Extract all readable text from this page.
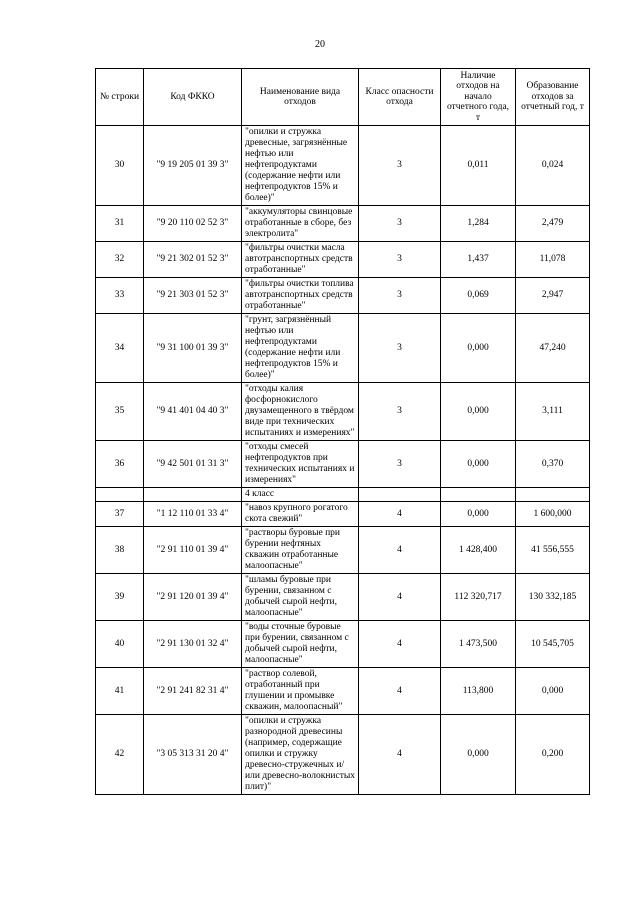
20
№ строки	Код ФККО	Наименование вида отходов	Класс опасности отхода	Наличие отходов на начало отчетного года, т	Образование отходов за отчетный год, т
30	"9 19 205 01 39 3"	"опилки и стружка древесные, загрязнённые нефтью или нефтепродуктами (содержание нефти или нефтепродуктов 15% и более)"	3	0,011	0,024
31	"9 20 110 02 52 3"	"аккумуляторы свинцовые отработанные в сборе, без электролита"	3	1,284	2,479
32	"9 21 302 01 52 3"	"фильтры очистки масла автотранспортных средств отработанные"	3	1,437	11,078
33	"9 21 303 01 52 3"	"фильтры очистки топлива автотранспортных средств отработанные"	3	0,069	2,947
34	"9 31 100 01 39 3"	"грунт, загрязнённый нефтью или нефтепродуктами (содержание нефти или нефтепродуктов 15% и более)"	3	0,000	47,240
35	"9 41 401 04 40 3"	"отходы калия фосфорнокислого двузамещенного в твёрдом виде при технических испытаниях и измерениях"	3	0,000	3,111
36	"9 42 501 01 31 3"	"отходы смесей нефтепродуктов при технических испытаниях и измерениях"	3	0,000	0,370
		4 класс			
37	"1 12 110 01 33 4"	"навоз крупного рогатого скота свежий"	4	0,000	1 600,000
38	"2 91 110 01 39 4"	"растворы буровые при бурении нефтяных скважин отработанные малоопасные"	4	1 428,400	41 556,555
39	"2 91 120 01 39 4"	"шламы буровые при бурении, связанном с добычей сырой нефти, малоопасные"	4	112 320,717	130 332,185
40	"2 91 130 01 32 4"	"воды сточные буровые при бурении, связанном с добычей сырой нефти, малоопасные"	4	1 473,500	10 545,705
41	"2 91 241 82 31 4"	"раствор солевой, отработанный при глушении и промывке скважин, малоопасный"	4	113,800	0,000
42	"3 05 313 31 20 4"	"опилки и стружка разнородной древесины (например, содержащие опилки и стружку древесно-стружечных и/или древесно-волокнистых плит)"	4	0,000	0,200
